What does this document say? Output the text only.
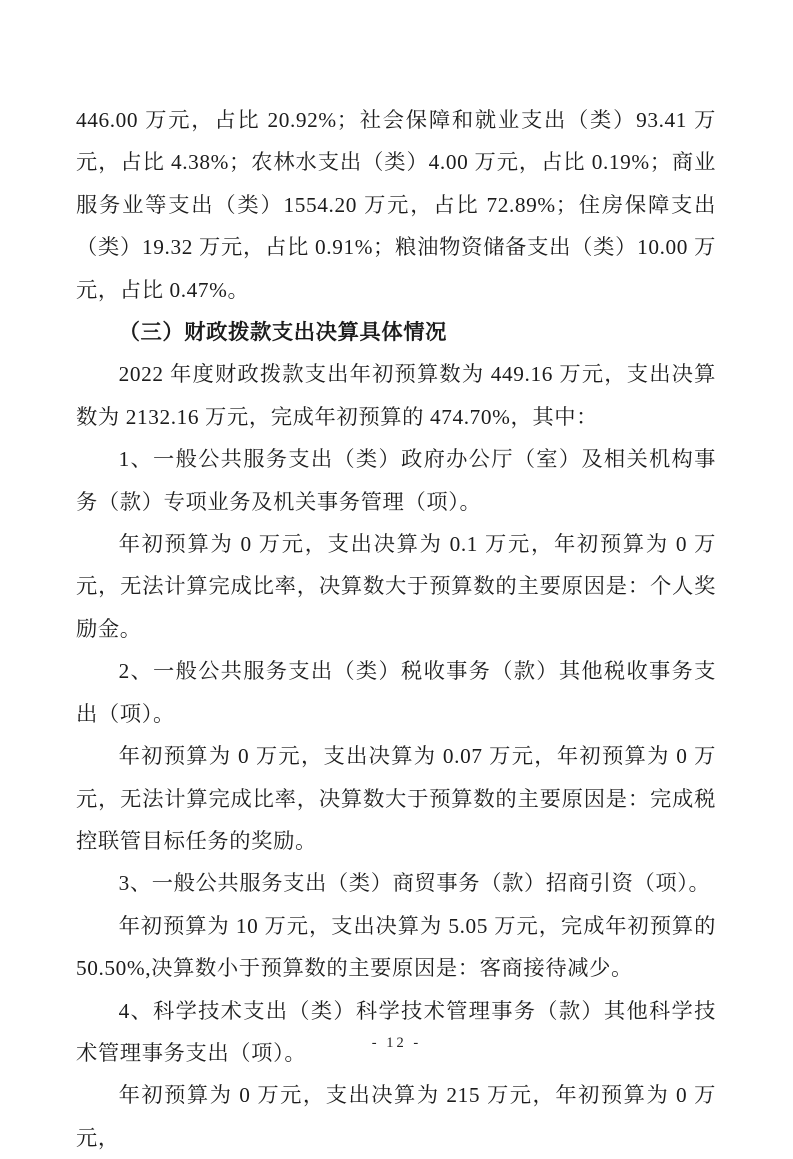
446.00 万元，占比 20.92%；社会保障和就业支出（类）93.41 万元，占比 4.38%；农林水支出（类）4.00 万元，占比 0.19%；商业服务业等支出（类）1554.20 万元，占比 72.89%；住房保障支出（类）19.32 万元，占比 0.91%；粮油物资储备支出（类）10.00 万元，占比 0.47%。

（三）财政拨款支出决算具体情况

2022 年度财政拨款支出年初预算数为 449.16 万元，支出决算数为 2132.16 万元，完成年初预算的 474.70%，其中：

1、一般公共服务支出（类）政府办公厅（室）及相关机构事务（款）专项业务及机关事务管理（项）。

年初预算为 0 万元，支出决算为 0.1 万元，年初预算为 0 万元，无法计算完成比率，决算数大于预算数的主要原因是：个人奖励金。

2、一般公共服务支出（类）税收事务（款）其他税收事务支出（项）。

年初预算为 0 万元，支出决算为 0.07 万元，年初预算为 0 万元，无法计算完成比率，决算数大于预算数的主要原因是：完成税控联管目标任务的奖励。

3、一般公共服务支出（类）商贸事务（款）招商引资（项）。

年初预算为 10 万元，支出决算为 5.05 万元，完成年初预算的 50.50%,决算数小于预算数的主要原因是：客商接待减少。

4、科学技术支出（类）科学技术管理事务（款）其他科学技术管理事务支出（项）。

年初预算为 0 万元，支出决算为 215 万元，年初预算为 0 万元，

- 12 -
